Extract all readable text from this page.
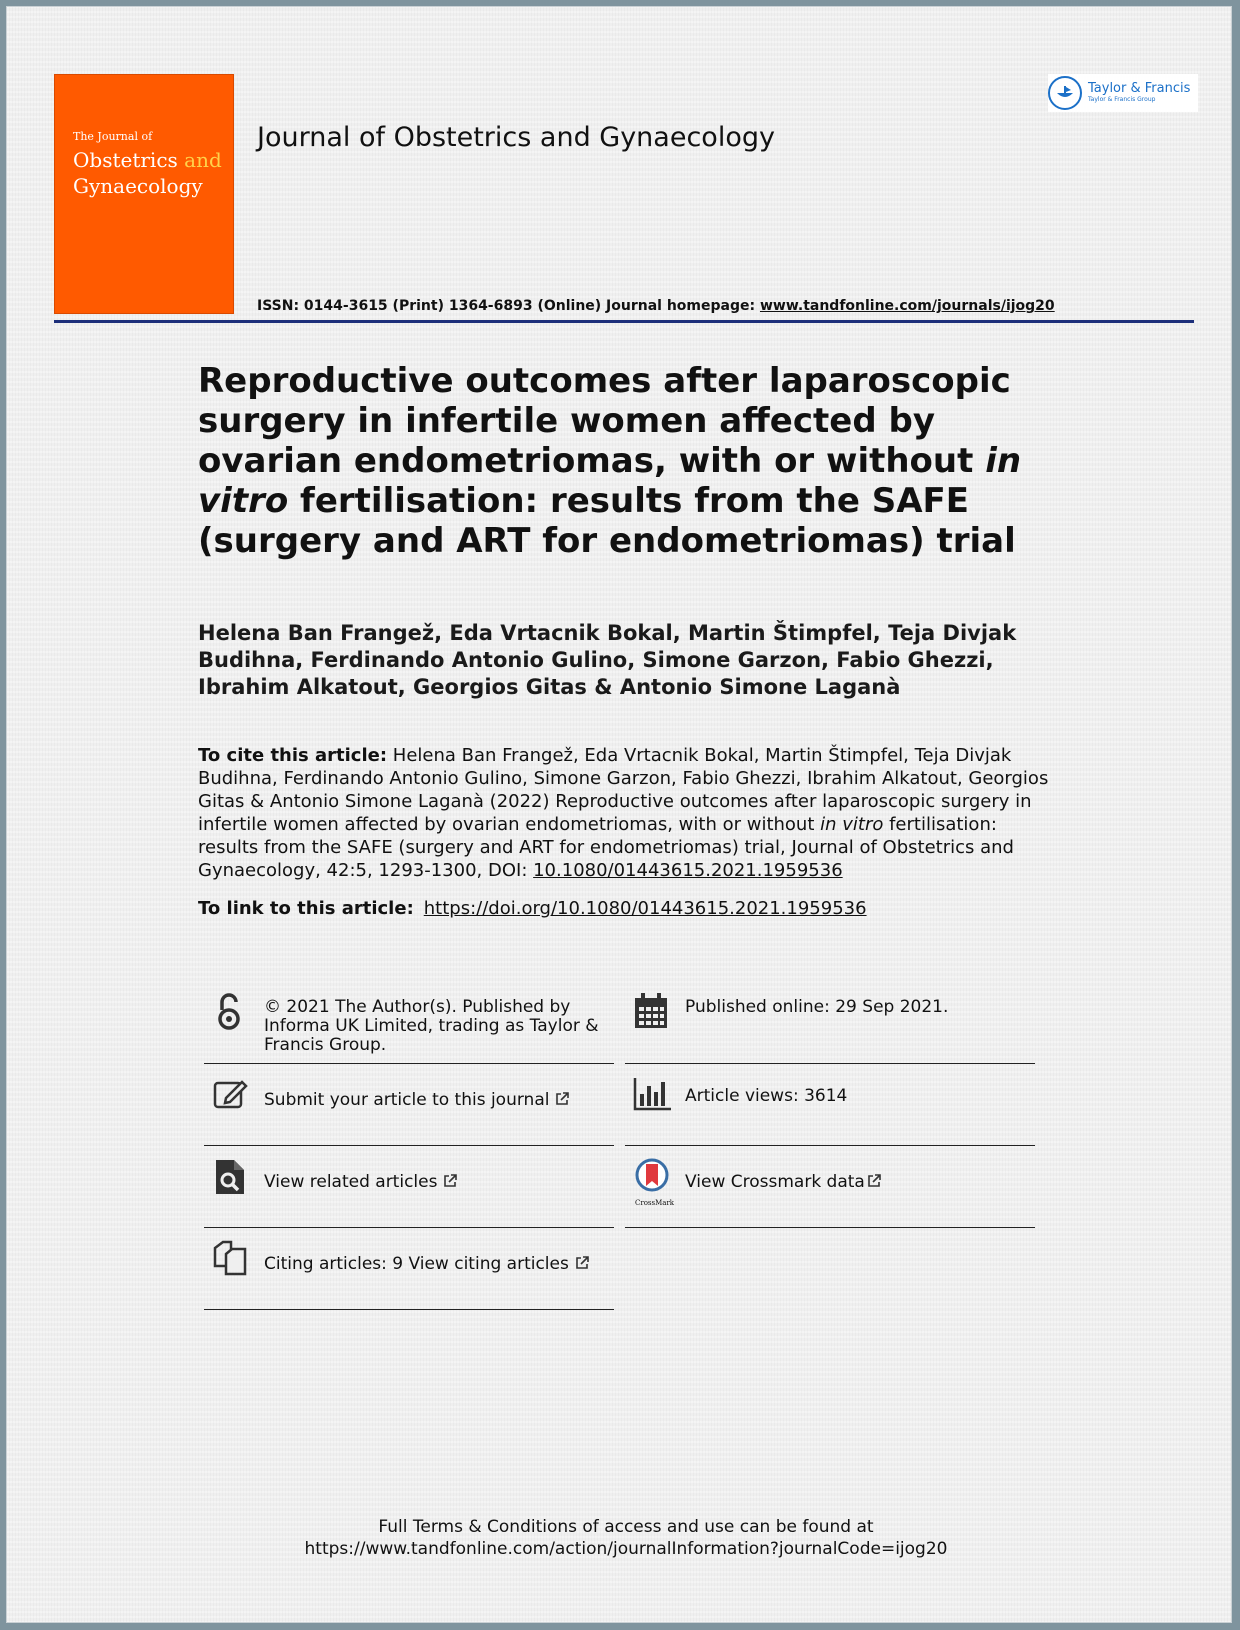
The Journal of
Obstetrics and
Gynaecology
Journal of Obstetrics and Gynaecology
Taylor & Francis
Taylor & Francis Group
ISSN: 0144-3615 (Print) 1364-6893 (Online) Journal homepage: www.tandfonline.com/journals/ijog20
Reproductive outcomes after laparoscopic surgery in infertile women affected by ovarian endometriomas, with or without in vitro fertilisation: results from the SAFE (surgery and ART for endometriomas) trial
Helena Ban Frangež, Eda Vrtacnik Bokal, Martin Štimpfel, Teja Divjak Budihna, Ferdinando Antonio Gulino, Simone Garzon, Fabio Ghezzi, Ibrahim Alkatout, Georgios Gitas & Antonio Simone Laganà
To cite this article: Helena Ban Frangež, Eda Vrtacnik Bokal, Martin Štimpfel, Teja Divjak Budihna, Ferdinando Antonio Gulino, Simone Garzon, Fabio Ghezzi, Ibrahim Alkatout, Georgios Gitas & Antonio Simone Laganà (2022) Reproductive outcomes after laparoscopic surgery in infertile women affected by ovarian endometriomas, with or without in vitro fertilisation: results from the SAFE (surgery and ART for endometriomas) trial, Journal of Obstetrics and Gynaecology, 42:5, 1293-1300, DOI: 10.1080/01443615.2021.1959536
To link to this article: https://doi.org/10.1080/01443615.2021.1959536
© 2021 The Author(s). Published by Informa UK Limited, trading as Taylor & Francis Group.
Submit your article to this journal
View related articles
Citing articles: 9 View citing articles
Published online: 29 Sep 2021.
Article views: 3614
CrossMark
View Crossmark data
Full Terms & Conditions of access and use can be found at
https://www.tandfonline.com/action/journalInformation?journalCode=ijog20
